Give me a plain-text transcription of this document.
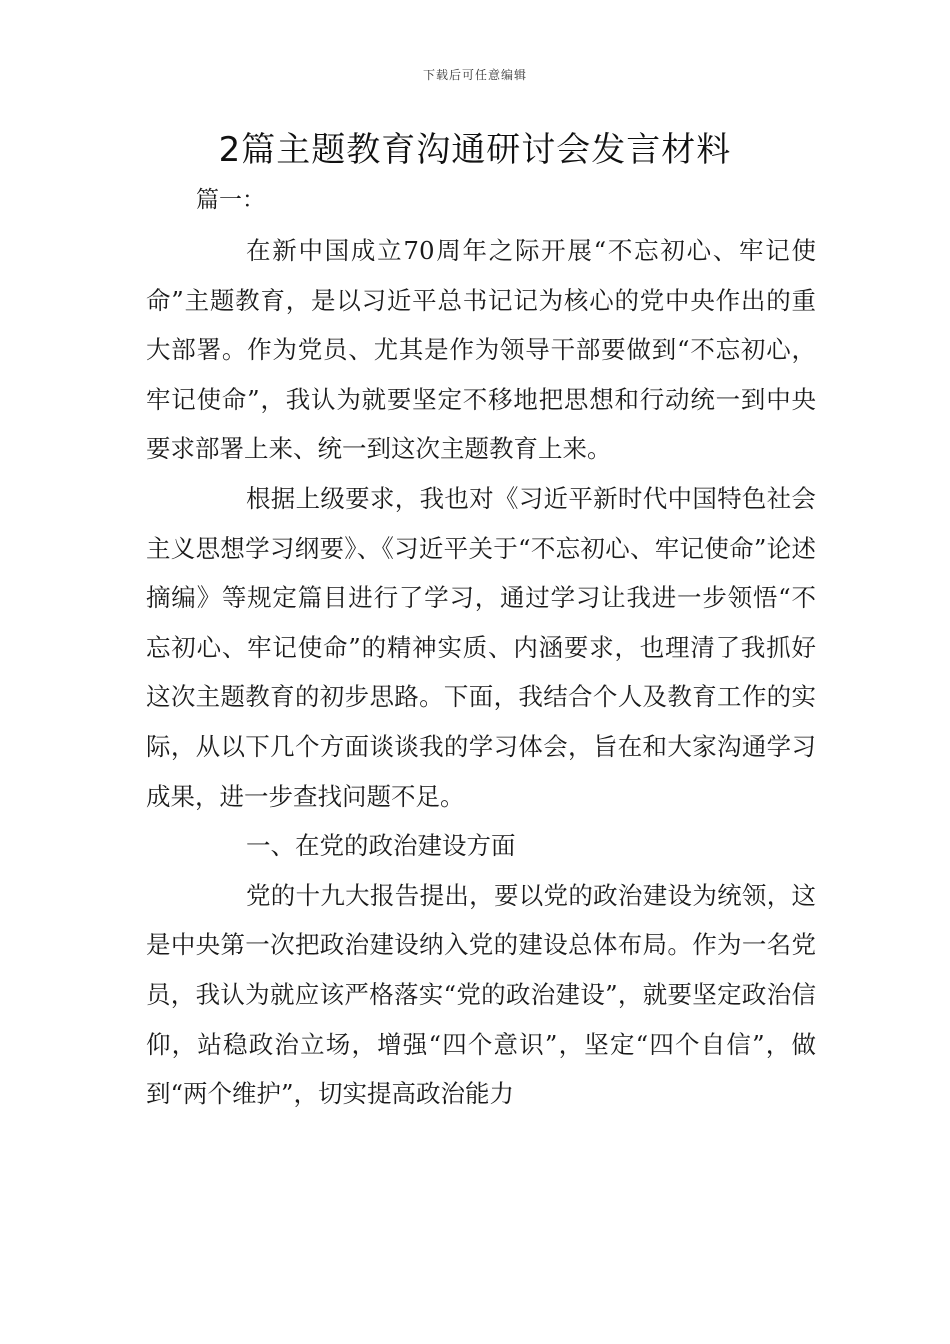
下载后可任意编辑
2篇主题教育沟通研讨会发言材料
篇一：

在新中国成立70周年之际开展“不忘初心、牢记使命”主题教育，是以习近平总书记记为核心的党中央作出的重大部署。作为党员、尤其是作为领导干部要做到“不忘初心，牢记使命”，我认为就要坚定不移地把思想和行动统一到中央要求部署上来、统一到这次主题教育上来。

根据上级要求，我也对《习近平新时代中国特色社会主义思想学习纲要》、《习近平关于“不忘初心、牢记使命”论述摘编》等规定篇目进行了学习，通过学习让我进一步领悟“不忘初心、牢记使命”的精神实质、内涵要求，也理清了我抓好这次主题教育的初步思路。下面，我结合个人及教育工作的实际，从以下几个方面谈谈我的学习体会，旨在和大家沟通学习成果，进一步查找问题不足。

一、在党的政治建设方面

党的十九大报告提出，要以党的政治建设为统领，这是中央第一次把政治建设纳入党的建设总体布局。作为一名党员，我认为就应该严格落实“党的政治建设”，就要坚定政治信仰，站稳政治立场，增强“四个意识”，坚定“四个自信”，做到“两个维护”，切实提高政治能力
